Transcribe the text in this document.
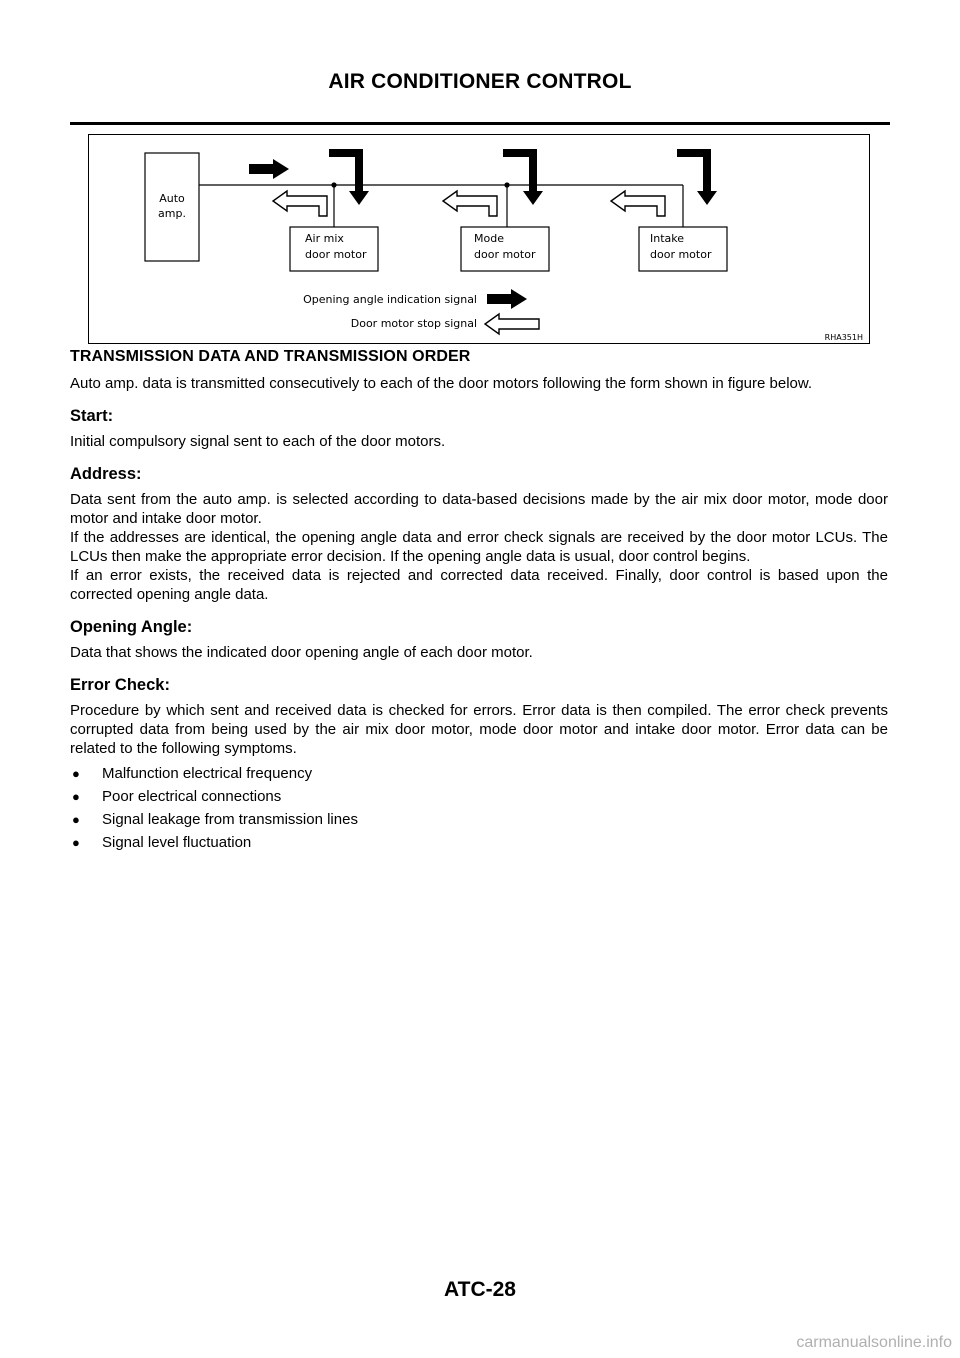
AIR CONDITIONER CONTROL
Auto
amp.
Air mix
door motor
Mode
door motor
Intake
door motor
Opening angle indication signal
Door motor stop signal
RHA351H
TRANSMISSION DATA AND TRANSMISSION ORDER

Auto amp. data is transmitted consecutively to each of the door motors following the form shown in figure below.

Start:

Initial compulsory signal sent to each of the door motors.

Address:

Data sent from the auto amp. is selected according to data-based decisions made by the air mix door motor, mode door motor and intake door motor.

If the addresses are identical, the opening angle data and error check signals are received by the door motor LCUs. The LCUs then make the appropriate error decision. If the opening angle data is usual, door control begins.

If an error exists, the received data is rejected and corrected data received. Finally, door control is based upon the corrected opening angle data.

Opening Angle:

Data that shows the indicated door opening angle of each door motor.

Error Check:

Procedure by which sent and received data is checked for errors. Error data is then compiled. The error check prevents corrupted data from being used by the air mix door motor, mode door motor and intake door motor. Error data can be related to the following symptoms.

● Malfunction electrical frequency
● Poor electrical connections
● Signal leakage from transmission lines
● Signal level fluctuation
ATC-28
carmanualsonline.info
